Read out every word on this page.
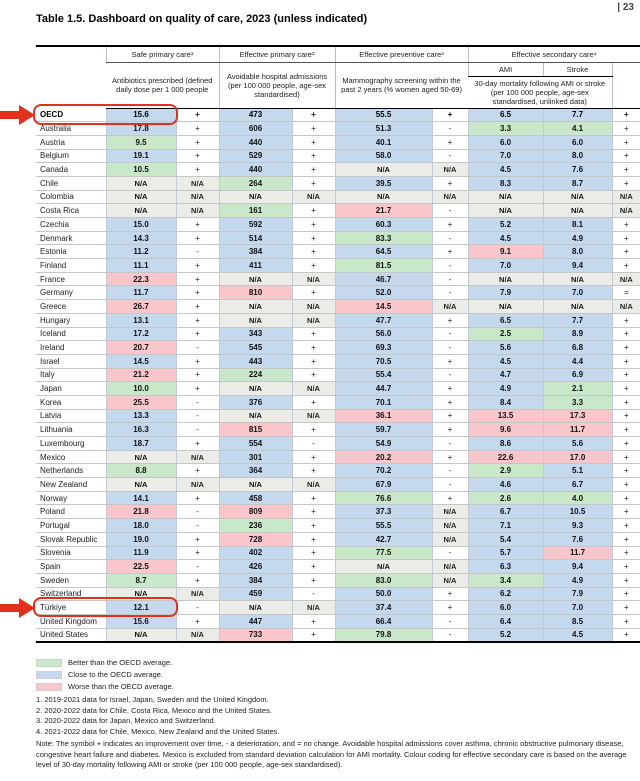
| 23
Table 1.5. Dashboard on quality of care, 2023 (unless indicated)
	Safe primary care¹		Effective primary care²		Effective preventive care³		Effective secondary care⁴		
	Antibiotics prescribed (defined daily dose per 1 000 people		Avoidable hospital admissions (per 100 000 people, age-sex standardised)		Mammography screening within the past 2 years (% women aged 50-69)		AMI	Stroke	
							30-day mortality following AMI or stroke (per 100 000 people, age-sex standardised, unlinked data)		
OECD	15.6	+	473	+	55.5	+	6.5	7.7	+
Australia	17.8	+	606	+	51.3	-	3.3	4.1	+
Austria	9.5	+	440	+	40.1	+	6.0	6.0	+
Belgium	19.1	+	529	+	58.0	-	7.0	8.0	+
Canada	10.5	+	440	+	N/A	N/A	4.5	7.6	+
Chile	N/A	N/A	264	+	39.5	+	8.3	8.7	+
Colombia	N/A	N/A	N/A	N/A	N/A	N/A	N/A	N/A	N/A
Costa Rica	N/A	N/A	161	+	21.7	-	N/A	N/A	N/A
Czechia	15.0	+	592	+	60.3	+	5.2	8.1	+
Denmark	14.3	+	514	+	83.3	-	4.5	4.9	+
Estonia	11.2	-	384	+	64.5	+	9.1	8.0	+
Finland	11.1	+	411	+	81.5	-	7.0	9.4	+
France	22.3	+	N/A	N/A	46.7	-	N/A	N/A	N/A
Germany	11.7	+	810	+	52.0	-	7.9	7.0	=
Greece	26.7	+	N/A	N/A	14.5	N/A	N/A	N/A	N/A
Hungary	13.1	+	N/A	N/A	47.7	+	6.5	7.7	+
Iceland	17.2	+	343	+	56.0	-	2.5	8.9	+
Ireland	20.7	-	545	+	69.3	-	5.6	6.8	+
Israel	14.5	+	443	+	70.5	+	4.5	4.4	+
Italy	21.2	+	224	+	55.4	-	4.7	6.9	+
Japan	10.0	+	N/A	N/A	44.7	+	4.9	2.1	+
Korea	25.5	-	376	+	70.1	+	8.4	3.3	+
Latvia	13.3	-	N/A	N/A	36.1	+	13.5	17.3	+
Lithuania	16.3	-	815	+	59.7	+	9.6	11.7	+
Luxembourg	18.7	+	554	-	54.9	-	8.6	5.6	+
Mexico	N/A	N/A	301	+	20.2	+	22.6	17.0	+
Netherlands	8.8	+	364	+	70.2	-	2.9	5.1	+
New Zealand	N/A	N/A	N/A	N/A	67.9	-	4.6	6.7	+
Norway	14.1	+	458	+	76.6	+	2.6	4.0	+
Poland	21.8	-	809	+	37.3	N/A	6.7	10.5	+
Portugal	18.0	-	236	+	55.5	N/A	7.1	9.3	+
Slovak Republic	19.0	+	728	+	42.7	N/A	5.4	7.6	+
Slovenia	11.9	+	402	+	77.5	-	5.7	11.7	+
Spain	22.5	-	426	+	N/A	N/A	6.3	9.4	+
Sweden	8.7	+	384	+	83.0	N/A	3.4	4.9	+
Switzerland	N/A	N/A	459	-	50.0	+	6.2	7.9	+
Türkiye	12.1	-	N/A	N/A	37.4	+	6.0	7.0	+
United Kingdom	15.6	+	447	+	66.4	-	6.4	8.5	+
United States	N/A	N/A	733	+	79.8	-	5.2	4.5	+
Better than the OECD average.
Close to the OECD average.
Worse than the OECD average.
1. 2019-2021 data for Israel, Japan, Sweden and the United Kingdom.
2. 2020-2022 data for Chile, Costa Rica, Mexico and the United States.
3. 2020-2022 data for Japan, Mexico and Switzerland.
4. 2021-2022 data for Chile, Mexico, New Zealand and the United States.
Note: The symbol + indicates an improvement over time, - a deterioration, and = no change. Avoidable hospital admissions cover asthma, chronic obstructive pulmonary disease, congestive heart failure and diabetes. Mexico is excluded from standard deviation calculation for AMI mortality. Colour coding for effective secondary care is based on the average level of 30-day mortality following AMI or stroke (per 100 000 people, age-sex standardised).
